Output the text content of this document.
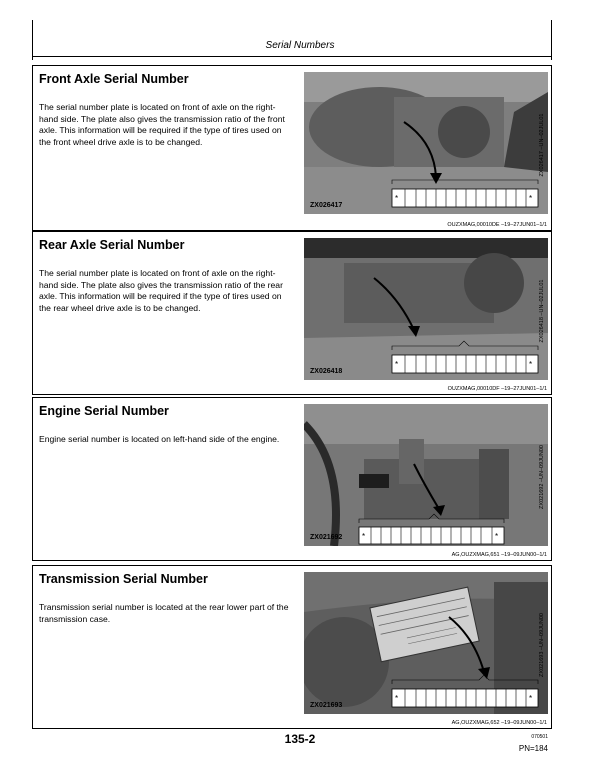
Serial Numbers
Front Axle Serial Number

The serial number plate is located on front of axle on the right-hand side. The plate also gives the transmission ratio of the front axle. This information will be required if the type of tires used on the front wheel drive axle is to be changed.

*	*
ZX026417
ZX026417 –UN–02JUL01
OUZXMAG,00010DE –19–27JUN01–1/1
Rear Axle Serial Number

The serial number plate is located on front of axle on the right-hand side. The plate also gives the transmission ratio of the rear axle. This information will be required if the type of tires used on the rear wheel drive axle is to be changed.

*	*
ZX026418
ZX026418 –UN–02JUL01
OUZXMAG,00010DF –19–27JUN01–1/1
Engine Serial Number

Engine serial number is located on left-hand side of the engine.

*	*
ZX021692
ZX021692 –UN–09JUN00
AG,OUZXMAG,651 –19–09JUN00–1/1
Transmission Serial Number

Transmission serial number is located at the rear lower part of the transmission case.

*	*
ZX021693
ZX021693 –UN–09JUN00
AG,OUZXMAG,652 –19–09JUN00–1/1
135-2	070501
PN=184
